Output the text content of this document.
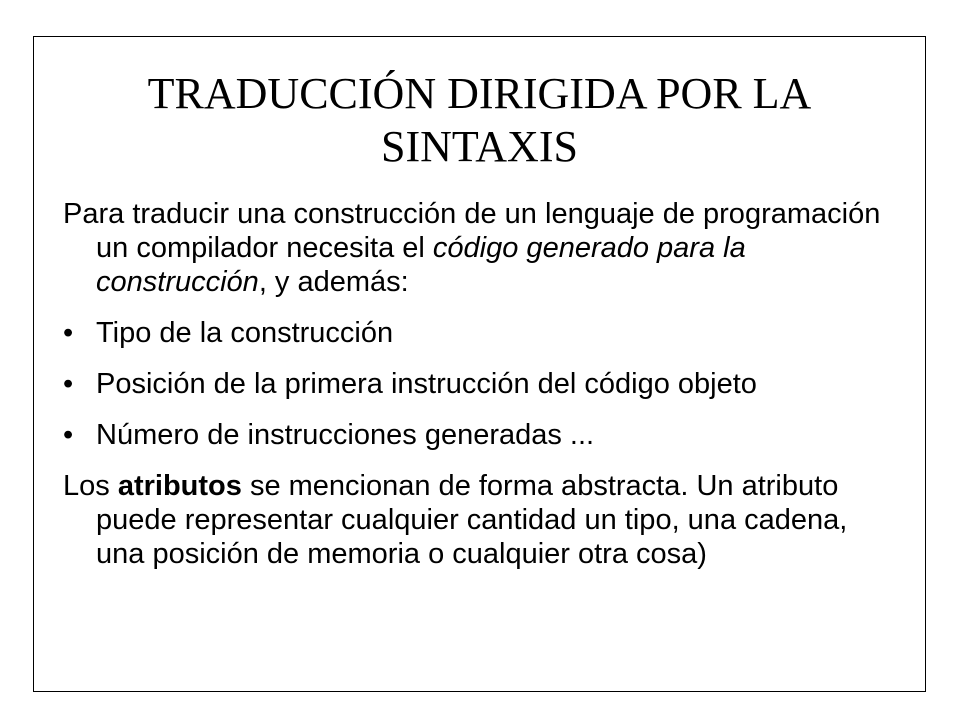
TRADUCCIÓN DIRIGIDA POR LA
SINTAXIS

Para traducir una construcción de un lenguaje de programación un compilador necesita el código generado para la construcción, y además:

• Tipo de la construcción

• Posición de la primera instrucción del código objeto

• Número de instrucciones generadas ...

Los atributos se mencionan de forma abstracta. Un atributo puede representar cualquier cantidad un tipo, una cadena, una posición de memoria o cualquier otra cosa)
